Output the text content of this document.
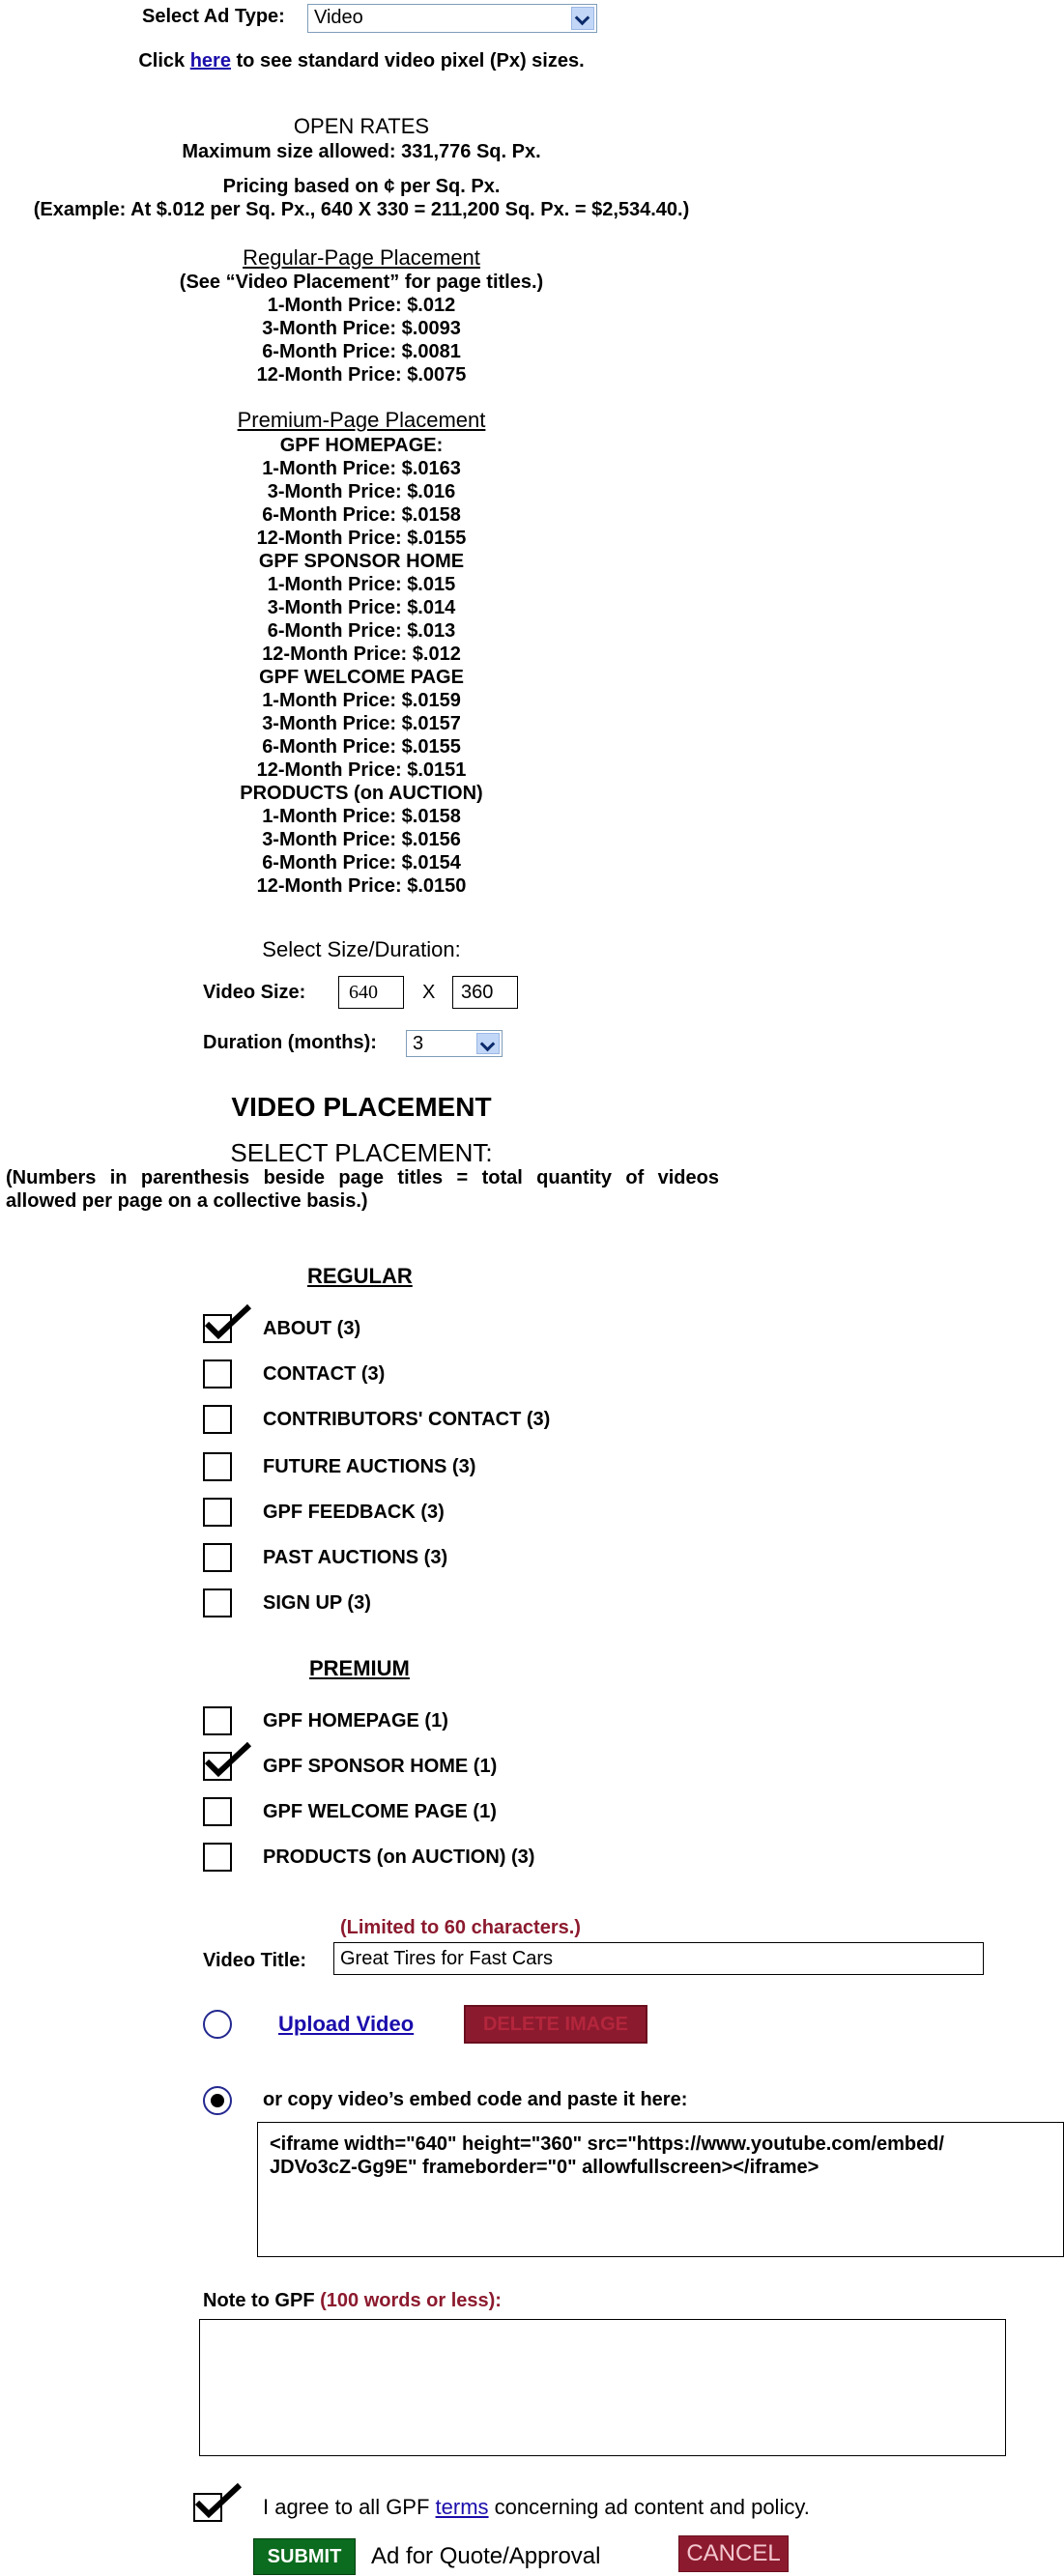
Select Ad Type:	Video
Click here to see standard video pixel (Px) sizes.
OPEN RATES
Maximum size allowed: 331,776 Sq. Px.
Pricing based on ¢ per Sq. Px.
(Example: At $.012 per Sq. Px., 640 X 330 = 211,200 Sq. Px. = $2,534.40.)
Regular-Page Placement
(See “Video Placement” for page titles.)
1-Month Price: $.012
3-Month Price: $.0093
6-Month Price: $.0081
12-Month Price: $.0075
Premium-Page Placement
GPF HOMEPAGE:
1-Month Price: $.0163
3-Month Price: $.016
6-Month Price: $.0158
12-Month Price: $.0155
GPF SPONSOR HOME
1-Month Price: $.015
3-Month Price: $.014
6-Month Price: $.013
12-Month Price: $.012
GPF WELCOME PAGE
1-Month Price: $.0159
3-Month Price: $.0157
6-Month Price: $.0155
12-Month Price: $.0151
PRODUCTS (on AUCTION)
1-Month Price: $.0158
3-Month Price: $.0156
6-Month Price: $.0154
12-Month Price: $.0150
Select Size/Duration:
Video Size:	640	X	360
Duration (months):	3
VIDEO PLACEMENT
SELECT PLACEMENT:
(Numbers in parenthesis beside page titles = total quantity of videos
allowed per page on a collective basis.)
REGULAR
ABOUT (3)
CONTACT (3)
CONTRIBUTORS' CONTACT (3)
FUTURE AUCTIONS (3)
GPF FEEDBACK (3)
PAST AUCTIONS (3)
SIGN UP (3)
PREMIUM
GPF HOMEPAGE (1)
GPF SPONSOR HOME (1)
GPF WELCOME PAGE (1)
PRODUCTS (on AUCTION) (3)
(Limited to 60 characters.)
Video Title:	Great Tires for Fast Cars
Upload Video	DELETE IMAGE
or copy video’s embed code and paste it here:
<iframe width="640" height="360" src="https://www.youtube.com/embed/
JDVo3cZ-Gg9E" frameborder="0" allowfullscreen></iframe>
Note to GPF (100 words or less):
I agree to all GPF terms concerning ad content and policy.
SUBMIT	Ad for Quote/Approval	CANCEL
